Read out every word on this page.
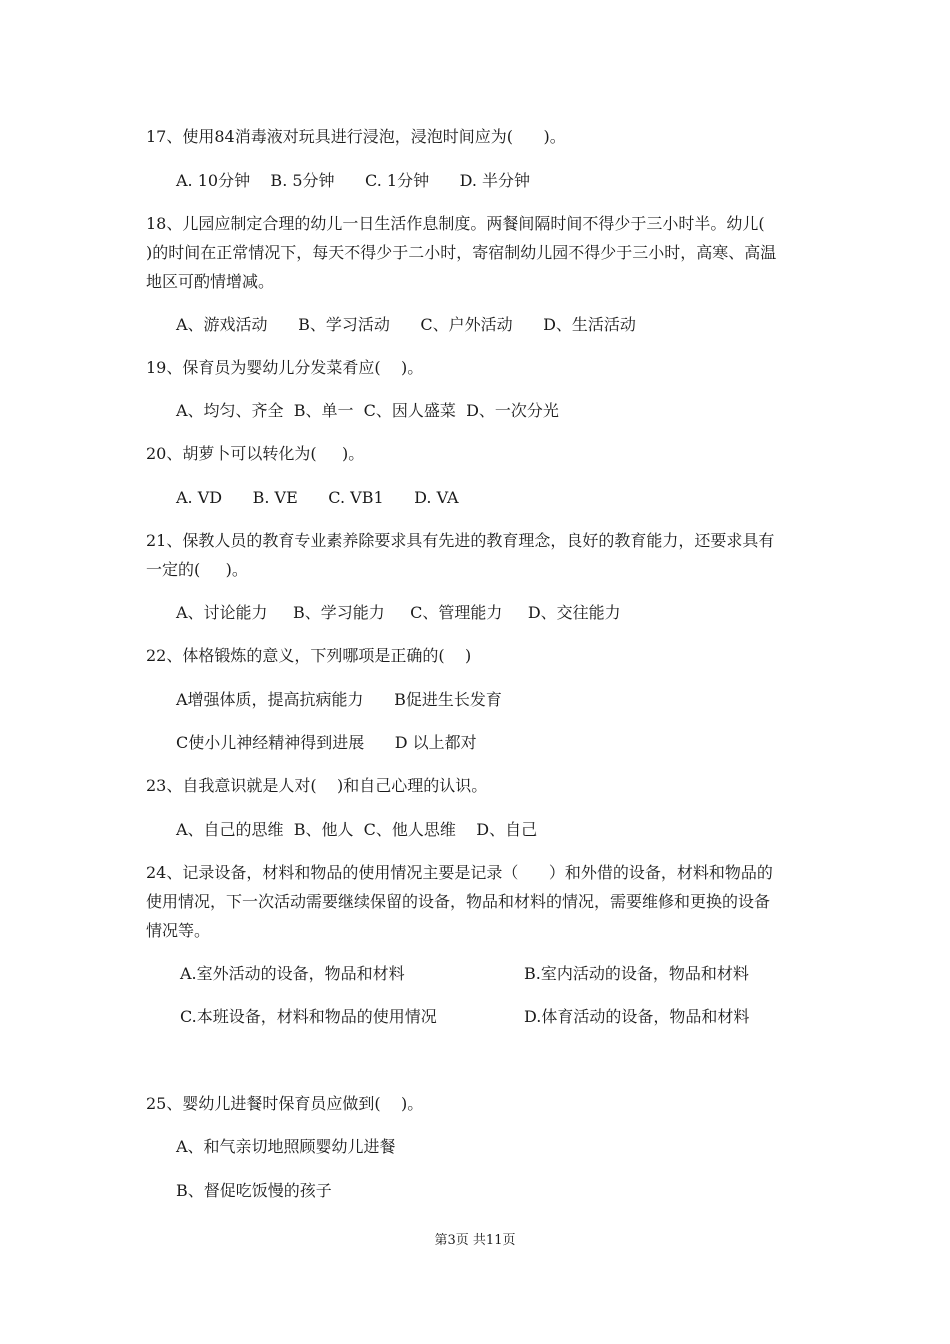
17、使用84消毒液对玩具进行浸泡，浸泡时间应为(      )。
A. 10分钟    B. 5分钟      C. 1分钟      D. 半分钟
18、儿园应制定合理的幼儿一日生活作息制度。两餐间隔时间不得少于三小时半。幼儿(
)的时间在正常情况下，每天不得少于二小时，寄宿制幼儿园不得少于三小时，高寒、高温
地区可酌情增减。
A、游戏活动      B、学习活动      C、户外活动      D、生活活动
19、保育员为婴幼儿分发菜肴应(    )。
A、均匀、齐全  B、单一  C、因人盛菜  D、一次分光
20、胡萝卜可以转化为(     )。
A. VD      B. VE      C. VB1      D. VA
21、保教人员的教育专业素养除要求具有先进的教育理念，良好的教育能力，还要求具有
一定的(     )。
A、讨论能力     B、学习能力     C、管理能力     D、交往能力
22、体格锻炼的意义，下列哪项是正确的(    )
A增强体质，提高抗病能力      B促进生长发育
C使小儿神经精神得到进展      D 以上都对
23、自我意识就是人对(    )和自己心理的认识。
A、自己的思维  B、他人  C、他人思维    D、自己
24、记录设备，材料和物品的使用情况主要是记录（      ）和外借的设备，材料和物品的
使用情况，下一次活动需要继续保留的设备，物品和材料的情况，需要维修和更换的设备
情况等。
A.室外活动的设备，物品和材料	B.室内活动的设备，物品和材料
C.本班设备，材料和物品的使用情况	D.体育活动的设备，物品和材料
25、婴幼儿进餐时保育员应做到(    )。
A、和气亲切地照顾婴幼儿进餐
B、督促吃饭慢的孩子
第3页 共11页
